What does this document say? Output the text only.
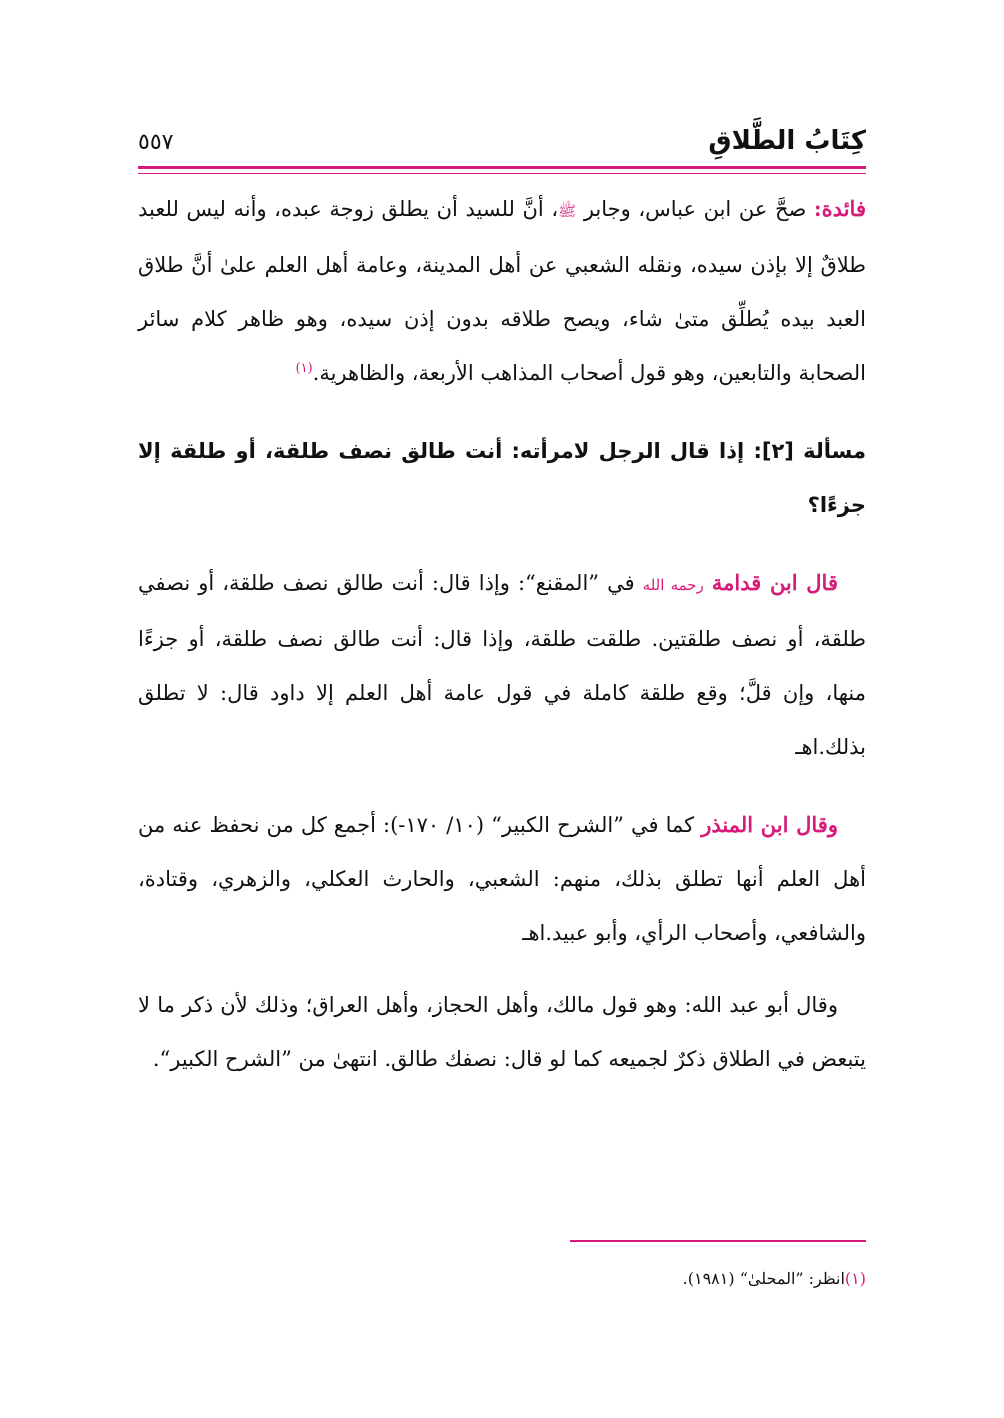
كِتَابُ الطَّلاقِ
٥٥٧

فائدة: صحَّ عن ابن عباس، وجابر ﷺ، أنَّ للسيد أن يطلق زوجة عبده، وأنه ليس للعبد طلاقٌ إلا بإذن سيده، ونقله الشعبي عن أهل المدينة، وعامة أهل العلم علىٰ أنَّ طلاق العبد بيده يُطلِّق متىٰ شاء، ويصح طلاقه بدون إذن سيده، وهو ظاهر كلام سائر الصحابة والتابعين، وهو قول أصحاب المذاهب الأربعة، والظاهرية.$^{(١)}$

مسألة [٢]: إذا قال الرجل لامرأته: أنت طالق نصف طلقة، أو طلقة إلا جزءًا؟

قال ابن قدامة رحمه الله في ”المقنع“: وإذا قال: أنت طالق نصف طلقة، أو نصفي طلقة، أو نصف طلقتين. طلقت طلقة، وإذا قال: أنت طالق نصف طلقة، أو جزءًا منها، وإن قلَّ؛ وقع طلقة كاملة في قول عامة أهل العلم إلا داود قال: لا تطلق بذلك.اهـ

وقال ابن المنذر كما في ”الشرح الكبير“ (١٠/ ١٧٠-): أجمع كل من نحفظ عنه من أهل العلم أنها تطلق بذلك، منهم: الشعبي، والحارث العكلي، والزهري، وقتادة، والشافعي، وأصحاب الرأي، وأبو عبيد.اهـ

وقال أبو عبد الله: وهو قول مالك، وأهل الحجاز، وأهل العراق؛ وذلك لأن ذكر ما لا يتبعض في الطلاق ذكرٌ لجميعه كما لو قال: نصفك طالق. انتهىٰ من ”الشرح الكبير“.

(١)انظر: ”المحلىٰ“ (١٩٨١).
